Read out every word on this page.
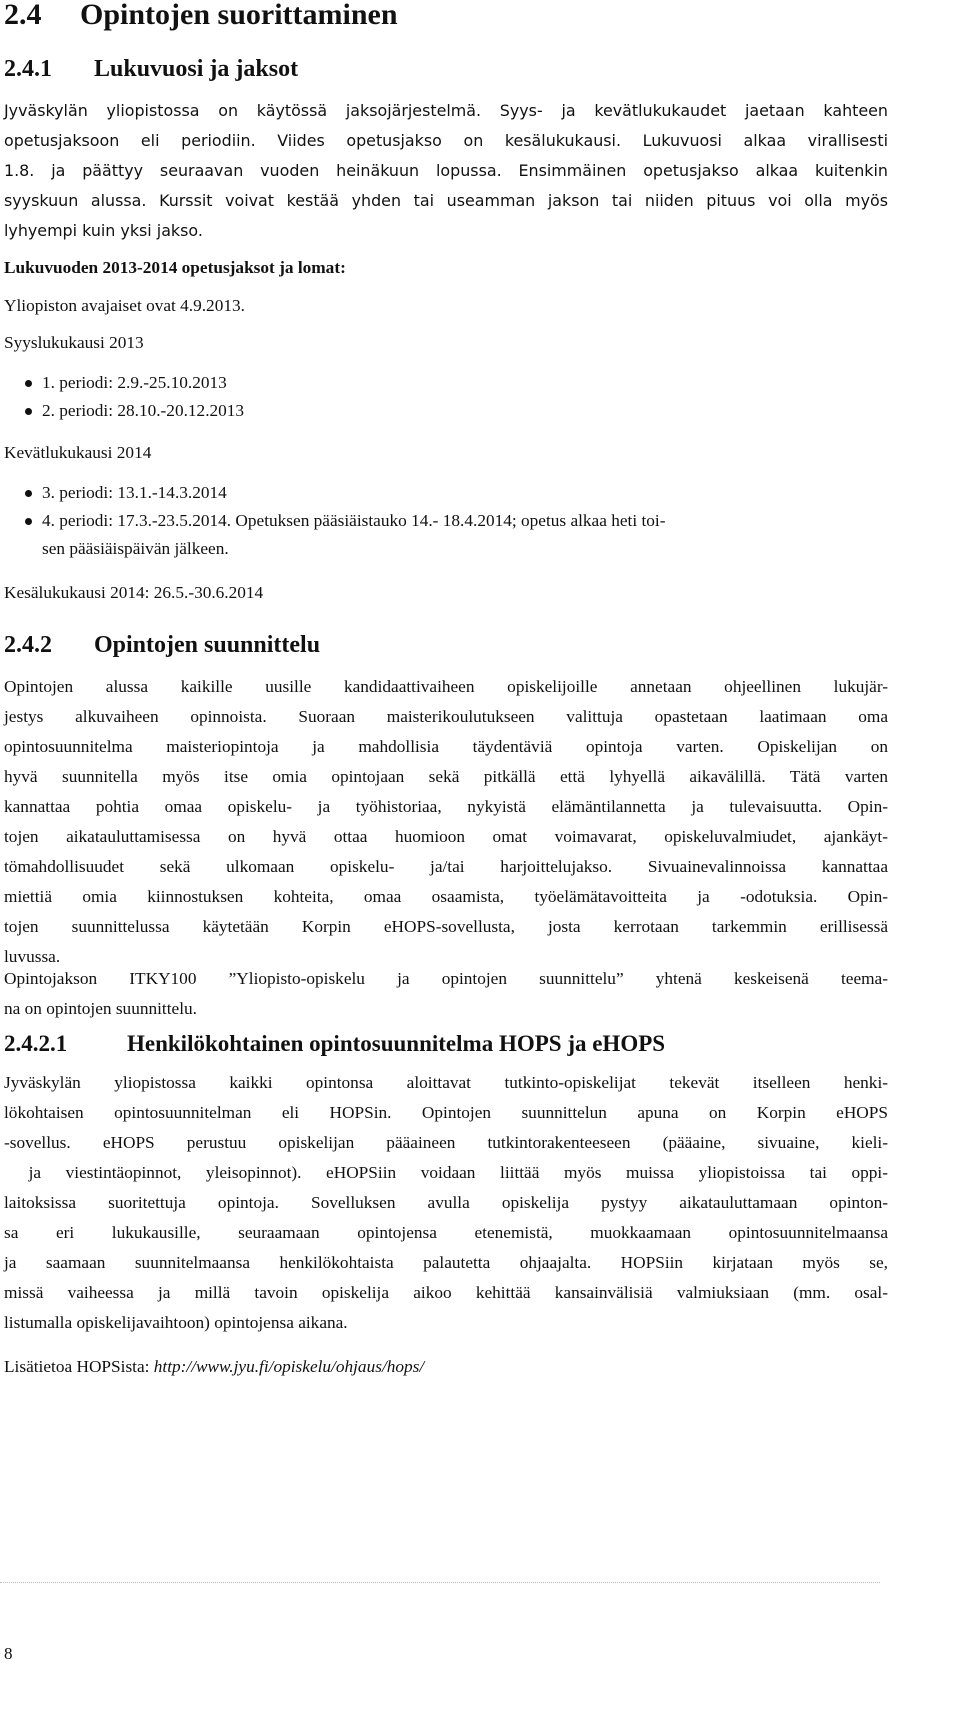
2.4 Opintojen suorittaminen
2.4.1 Lukuvuosi ja jaksot

Jyväskylän yliopistossa on käytössä jaksojärjestelmä. Syys- ja kevätlukukaudet jaetaan kahteen

opetusjaksoon eli periodiin. Viides opetusjakso on kesälukukausi. Lukuvuosi alkaa virallisesti

1.8. ja päättyy seuraavan vuoden heinäkuun lopussa. Ensimmäinen opetusjakso alkaa kuitenkin

syyskuun alussa. Kurssit voivat kestää yhden tai useamman jakson tai niiden pituus voi olla myös

lyhyempi kuin yksi jakso.

Lukuvuoden 2013-2014 opetusjaksot ja lomat:

Yliopiston avajaiset ovat 4.9.2013.

Syyslukukausi 2013

1. periodi: 2.9.-25.10.2013
2. periodi: 28.10.-20.12.2013

Kevätlukukausi 2014

3. periodi: 13.1.-14.3.2014
4. periodi: 17.3.-23.5.2014. Opetuksen pääsiäistauko 14.- 18.4.2014; opetus alkaa heti toi-
sen pääsiäispäivän jälkeen.

Kesälukukausi 2014: 26.5.-30.6.2014

2.4.2 Opintojen suunnittelu

Opintojen alussa kaikille uusille kandidaattivaiheen opiskelijoille annetaan ohjeellinen lukujär-

jestys alkuvaiheen opinnoista. Suoraan maisterikoulutukseen valittuja opastetaan laatimaan oma

opintosuunnitelma maisteriopintoja ja mahdollisia täydentäviä opintoja varten. Opiskelijan on

hyvä suunnitella myös itse omia opintojaan sekä pitkällä että lyhyellä aikavälillä. Tätä varten

kannattaa pohtia omaa opiskelu- ja työhistoriaa, nykyistä elämäntilannetta ja tulevaisuutta. Opin-

tojen aikatauluttamisessa on hyvä ottaa huomioon omat voimavarat, opiskeluvalmiudet, ajankäyt-

tömahdollisuudet sekä ulkomaan opiskelu- ja/tai harjoittelujakso. Sivuainevalinnoissa kannattaa

miettiä omia kiinnostuksen kohteita, omaa osaamista, työelämätavoitteita ja -odotuksia. Opin-

tojen suunnittelussa käytetään Korpin eHOPS-sovellusta, josta kerrotaan tarkemmin erillisessä

luvussa.

Opintojakson ITKY100 ”Yliopisto-opiskelu ja opintojen suunnittelu” yhtenä keskeisenä teema-

na on opintojen suunnittelu.

2.4.2.1	Henkilökohtainen opintosuunnitelma HOPS ja eHOPS

Jyväskylän yliopistossa kaikki opintonsa aloittavat tutkinto-opiskelijat tekevät itselleen henki-

lökohtaisen opintosuunnitelman eli HOPSin. Opintojen suunnittelun apuna on Korpin eHOPS

-sovellus. eHOPS perustuu opiskelijan pääaineen tutkintorakenteeseen (pääaine, sivuaine, kieli-

ja viestintäopinnot, yleisopinnot). eHOPSiin voidaan liittää myös muissa yliopistoissa tai oppi-

laitoksissa suoritettuja opintoja. Sovelluksen avulla opiskelija pystyy aikatauluttamaan opinton-

sa eri lukukausille, seuraamaan opintojensa etenemistä, muokkaamaan opintosuunnitelmaansa

ja saamaan suunnitelmaansa henkilökohtaista palautetta ohjaajalta. HOPSiin kirjataan myös se,

missä vaiheessa ja millä tavoin opiskelija aikoo kehittää kansainvälisiä valmiuksiaan (mm. osal-

listumalla opiskelijavaihtoon) opintojensa aikana.

Lisätietoa HOPSista: http://www.jyu.fi/opiskelu/ohjaus/hops/

8
